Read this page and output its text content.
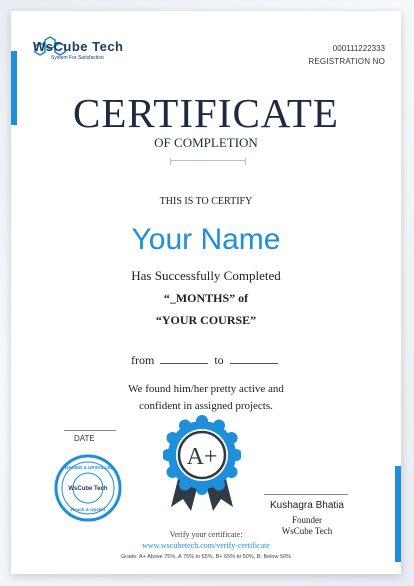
WsCube Tech
System For Satisfaction
000111222333
REGISTRATION NO
CERTIFICATE
OF COMPLETION
THIS IS TO CERTIFY
Your Name
Has Successfully Completed
“_MONTHS” of
“YOUR COURSE”
from	to
We found him/her pretty active and
confident in assigned projects.
DATE
TRAINED & UPSKILLED
WsCube Tech
Reach & Upskill
A+
Kushagra Bhatia
Founder
WsCube Tech
Verify your certificate:
www.wscubetech.com/verify-certificate
Grade: A+ Above 75%, A 75% to 65%, B+ 65% to 50%, B: Below 50%
